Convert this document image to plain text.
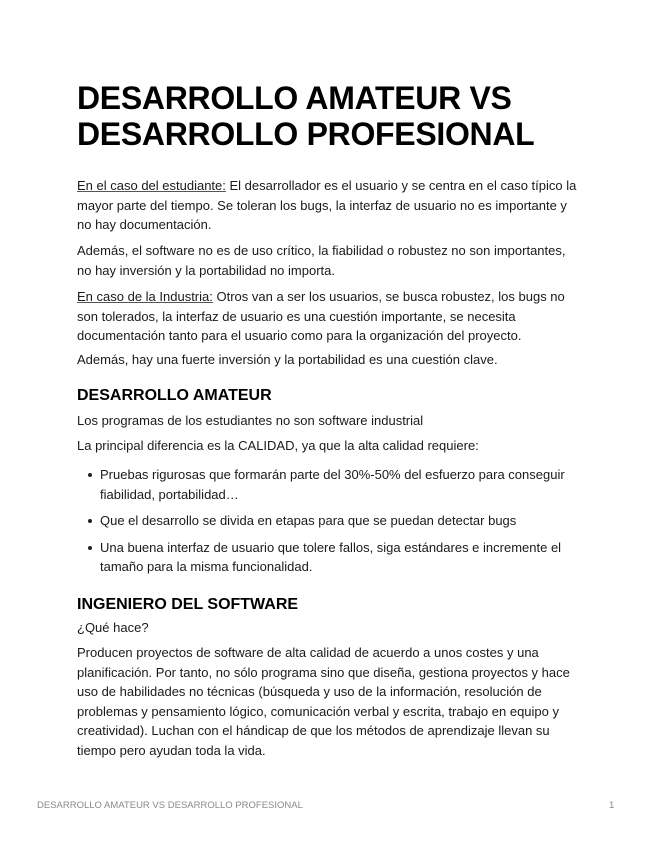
DESARROLLO AMATEUR VS DESARROLLO PROFESIONAL

En el caso del estudiante: El desarrollador es el usuario y se centra en el caso típico la mayor parte del tiempo. Se toleran los bugs, la interfaz de usuario no es importante y no hay documentación.

Además, el software no es de uso crítico, la fiabilidad o robustez no son importantes, no hay inversión y la portabilidad no importa.

En caso de la Industria: Otros van a ser los usuarios, se busca robustez, los bugs no son tolerados, la interfaz de usuario es una cuestión importante, se necesita documentación tanto para el usuario como para la organización del proyecto.

Además, hay una fuerte inversión y la portabilidad es una cuestión clave.

DESARROLLO AMATEUR

Los programas de los estudiantes no son software industrial

La principal diferencia es la CALIDAD, ya que la alta calidad requiere:

Pruebas rigurosas que formarán parte del 30%-50% del esfuerzo para conseguir fiabilidad, portabilidad…
Que el desarrollo se divida en etapas para que se puedan detectar bugs
Una buena interfaz de usuario que tolere fallos, siga estándares e incremente el tamaño para la misma funcionalidad.
INGENIERO DEL SOFTWARE

¿Qué hace?

Producen proyectos de software de alta calidad de acuerdo a unos costes y una planificación. Por tanto, no sólo programa sino que diseña, gestiona proyectos y hace uso de habilidades no técnicas (búsqueda y uso de la información, resolución de problemas y pensamiento lógico, comunicación verbal y escrita, trabajo en equipo y creatividad). Luchan con el hándicap de que los métodos de aprendizaje llevan su tiempo pero ayudan toda la vida.

DESARROLLO AMATEUR VS DESARROLLO PROFESIONAL	1
